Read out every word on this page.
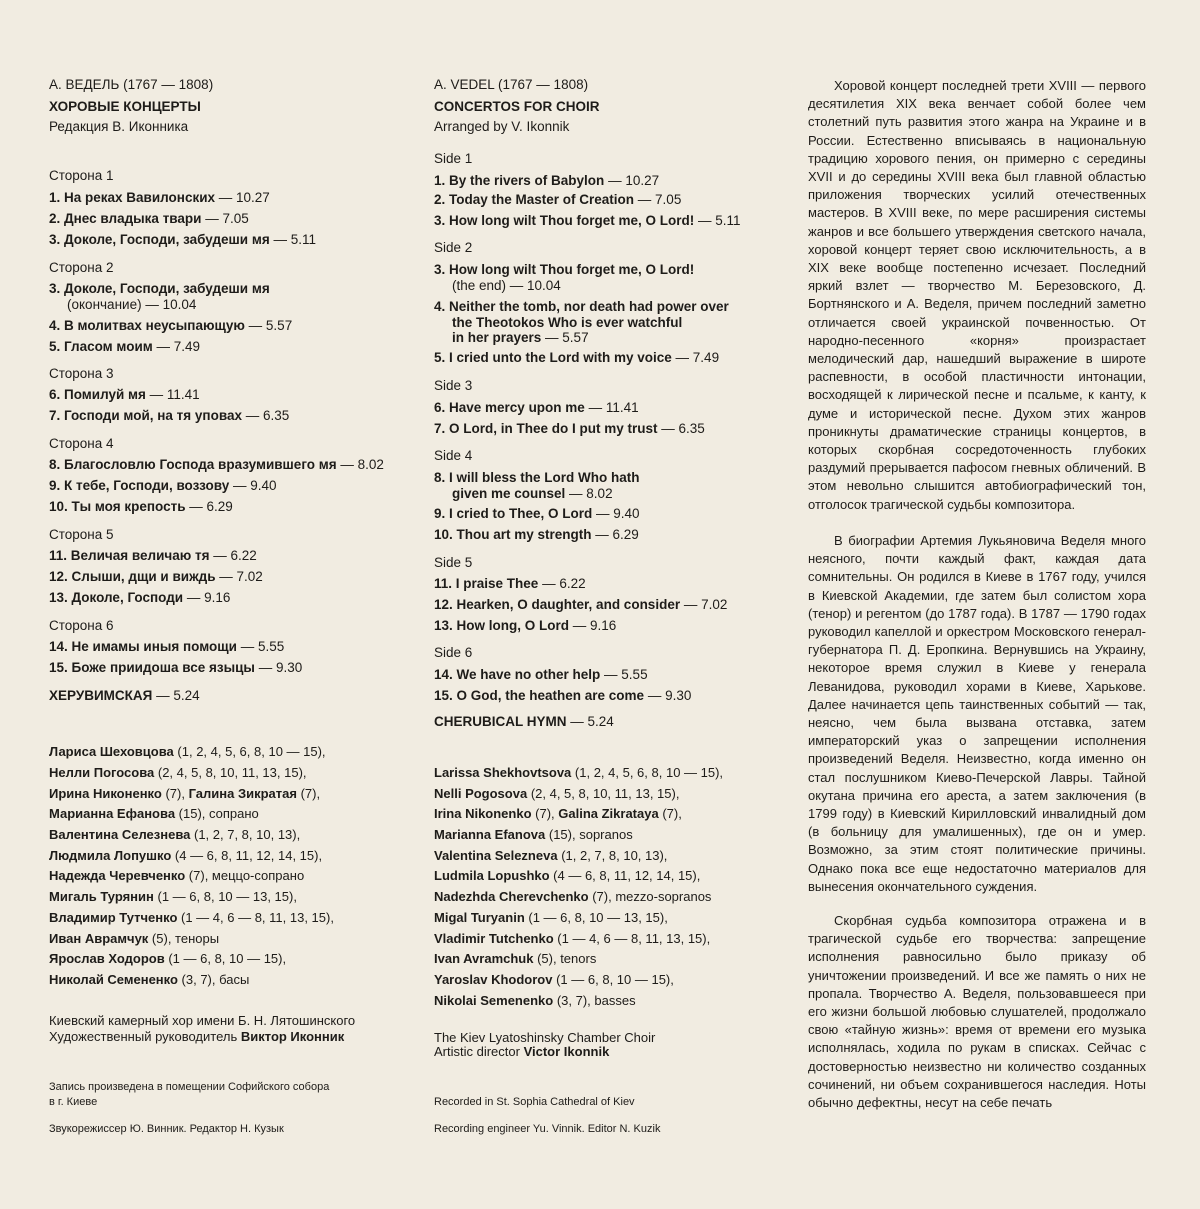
А. ВЕДЕЛЬ (1767 — 1808)
ХОРОВЫЕ КОНЦЕРТЫ
Редакция В. Иконника
Сторона 1
1. На реках Вавилонских — 10.27
2. Днес владыка твари — 7.05
3. Доколе, Господи, забудеши мя — 5.11
Сторона 2
3. Доколе, Господи, забудеши мя
(окончание) — 10.04
4. В молитвах неусыпающую — 5.57
5. Гласом моим — 7.49
Сторона 3
6. Помилуй мя — 11.41
7. Господи мой, на тя уповах — 6.35
Сторона 4
8. Благословлю Господа вразумившего мя — 8.02
9. К тебе, Господи, воззову — 9.40
10. Ты моя крепость — 6.29
Сторона 5
11. Величая величаю тя — 6.22
12. Слыши, дщи и виждь — 7.02
13. Доколе, Господи — 9.16
Сторона 6
14. Не имамы иныя помощи — 5.55
15. Боже приидоша все языцы — 9.30
ХЕРУВИМСКАЯ — 5.24
Лариса Шеховцова (1, 2, 4, 5, 6, 8, 10 — 15),
Нелли Погосова (2, 4, 5, 8, 10, 11, 13, 15),
Ирина Никоненко (7), Галина Зикратая (7),
Марианна Ефанова (15), сопрано
Валентина Селезнева (1, 2, 7, 8, 10, 13),
Людмила Лопушко (4 — 6, 8, 11, 12, 14, 15),
Надежда Черевченко (7), меццо-сопрано
Мигаль Турянин (1 — 6, 8, 10 — 13, 15),
Владимир Тутченко (1 — 4, 6 — 8, 11, 13, 15),
Иван Аврамчук (5), теноры
Ярослав Ходоров (1 — 6, 8, 10 — 15),
Николай Семененко (3, 7), басы
Киевский камерный хор имени Б. Н. Лятошинского
Художественный руководитель Виктор Иконник
Запись произведена в помещении Софийского собора
в г. Киеве
Звукорежиссер Ю. Винник. Редактор Н. Кузык
A. VEDEL (1767 — 1808)
CONCERTOS FOR CHOIR
Arranged by V. Ikonnik
Side 1
1. By the rivers of Babylon — 10.27
2. Today the Master of Creation — 7.05
3. How long wilt Thou forget me, O Lord! — 5.11
Side 2
3. How long wilt Thou forget me, O Lord!
(the end) — 10.04
4. Neither the tomb, nor death had power over
the Theotokos Who is ever watchful
in her prayers — 5.57
5. I cried unto the Lord with my voice — 7.49
Side 3
6. Have mercy upon me — 11.41
7. O Lord, in Thee do I put my trust — 6.35
Side 4
8. I will bless the Lord Who hath
given me counsel — 8.02
9. I cried to Thee, O Lord — 9.40
10. Thou art my strength — 6.29
Side 5
11. I praise Thee — 6.22
12. Hearken, O daughter, and consider — 7.02
13. How long, O Lord — 9.16
Side 6
14. We have no other help — 5.55
15. O God, the heathen are come — 9.30
CHERUBICAL HYMN — 5.24
Larissa Shekhovtsova (1, 2, 4, 5, 6, 8, 10 — 15),
Nelli Pogosova (2, 4, 5, 8, 10, 11, 13, 15),
Irina Nikonenko (7), Galina Zikrataya (7),
Marianna Efanova (15), sopranos
Valentina Selezneva (1, 2, 7, 8, 10, 13),
Ludmila Lopushko (4 — 6, 8, 11, 12, 14, 15),
Nadezhda Cherevchenko (7), mezzo-sopranos
Migal Turyanin (1 — 6, 8, 10 — 13, 15),
Vladimir Tutchenko (1 — 4, 6 — 8, 11, 13, 15),
Ivan Avramchuk (5), tenors
Yaroslav Khodorov (1 — 6, 8, 10 — 15),
Nikolai Semenenko (3, 7), basses
The Kiev Lyatoshinsky Chamber Choir
Artistic director Victor Ikonnik
Recorded in St. Sophia Cathedral of Kiev
Recording engineer Yu. Vinnik. Editor N. Kuzik
Хоровой концерт последней трети XVIII — первого десятилетия XIX века венчает собой более чем столетний путь развития этого жанра на Украине и в России. Естественно вписываясь в национальную традицию хорового пения, он примерно с середины XVII и до середины XVIII века был главной областью приложения творческих усилий отечественных мастеров. В XVIII веке, по мере расширения системы жанров и все большего утверждения светского начала, хоровой концерт теряет свою исключительность, а в XIX веке вообще постепенно исчезает. Последний яркий взлет — творчество М. Березовского, Д. Бортнянского и А. Веделя, причем последний заметно отличается своей украинской почвенностью. От народно-песенного «корня» произрастает мелодический дар, нашедший выражение в широте распевности, в особой пластичности интонации, восходящей к лирической песне и псальме, к канту, к думе и исторической песне. Духом этих жанров проникнуты драматические страницы концертов, в которых скорбная сосредоточенность глубоких раздумий прерывается пафосом гневных обличений. В этом невольно слышится автобиографический тон, отголосок трагической судьбы композитора.
В биографии Артемия Лукьяновича Веделя много неясного, почти каждый факт, каждая дата сомнительны. Он родился в Киеве в 1767 году, учился в Киевской Академии, где затем был солистом хора (тенор) и регентом (до 1787 года). В 1787 — 1790 годах руководил капеллой и оркестром Московского генерал-губернатора П. Д. Еропкина. Вернувшись на Украину, некоторое время служил в Киеве у генерала Леванидова, руководил хорами в Киеве, Харькове. Далее начинается цепь таинственных событий — так, неясно, чем была вызвана отставка, затем императорский указ о запрещении исполнения произведений Веделя. Неизвестно, когда именно он стал послушником Киево-Печерской Лавры. Тайной окутана причина его ареста, а затем заключения (в 1799 году) в Киевский Кирилловский инвалидный дом (в больницу для умалишенных), где он и умер. Возможно, за этим стоят политические причины. Однако пока все еще недостаточно материалов для вынесения окончательного суждения.
Скорбная судьба композитора отражена и в трагической судьбе его творчества: запрещение исполнения равносильно было приказу об уничтожении произведений. И все же память о них не пропала. Творчество А. Веделя, пользовавшееся при его жизни большой любовью слушателей, продолжало свою «тайную жизнь»: время от времени его музыка исполнялась, ходила по рукам в списках. Сейчас с достоверностью неизвестно ни количество созданных сочинений, ни объем сохранившегося наследия. Ноты обычно дефектны, несут на себе печать
